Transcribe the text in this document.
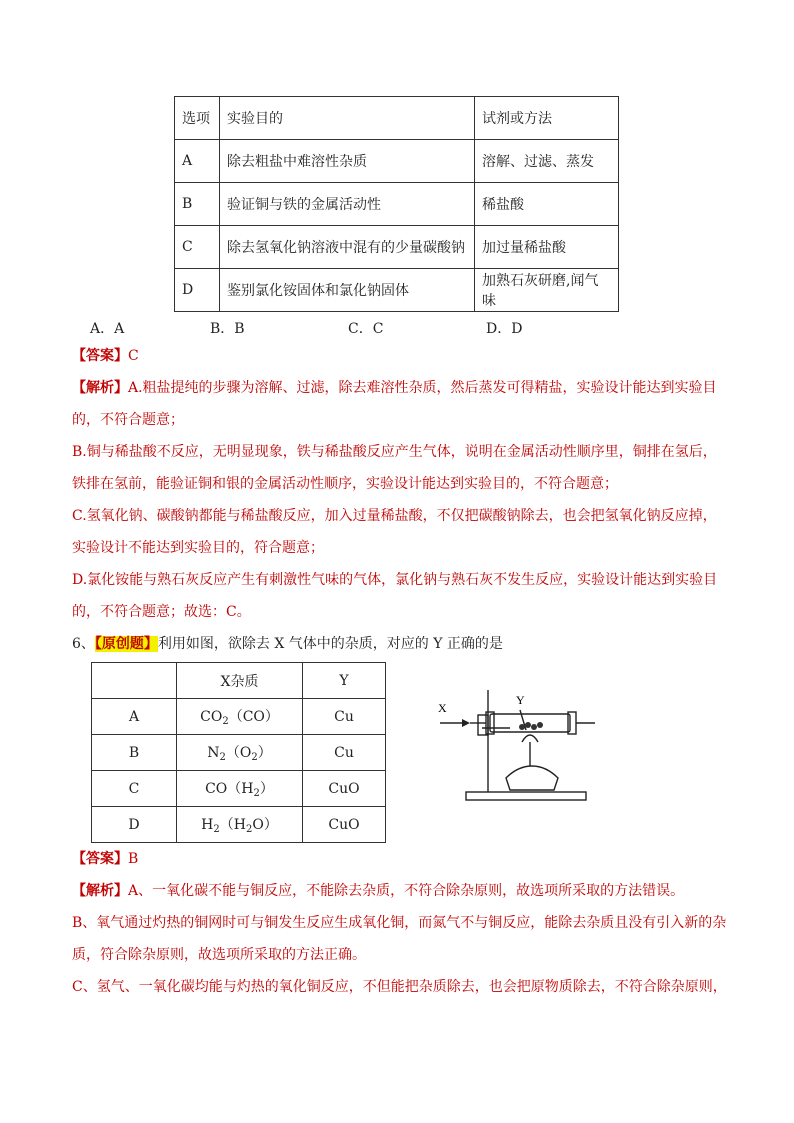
选项	实验目的	试剂或方法
A	除去粗盐中难溶性杂质	溶解、过滤、蒸发
B	验证铜与铁的金属活动性	稀盐酸
C	除去氢氧化钠溶液中混有的少量碳酸钠	加过量稀盐酸
D	鉴别氯化铵固体和氯化钠固体	加熟石灰研磨,闻气味
A．A	B．B	C．C	D．D
【答案】C
【解析】A.粗盐提纯的步骤为溶解、过滤，除去难溶性杂质，然后蒸发可得精盐，实验设计能达到实验目
的，不符合题意；
B.铜与稀盐酸不反应，无明显现象，铁与稀盐酸反应产生气体，说明在金属活动性顺序里，铜排在氢后，
铁排在氢前，能验证铜和银的金属活动性顺序，实验设计能达到实验目的，不符合题意；
C.氢氧化钠、碳酸钠都能与稀盐酸反应，加入过量稀盐酸，不仅把碳酸钠除去，也会把氢氧化钠反应掉，
实验设计不能达到实验目的，符合题意；
D.氯化铵能与熟石灰反应产生有刺激性气味的气体，氯化钠与熟石灰不发生反应，实验设计能达到实验目
的，不符合题意；故选：C。
6、【原创题】利用如图，欲除去 X 气体中的杂质，对应的 Y 正确的是
	X杂质	Y
A	$CO_2(CO)$	Cu
B	$N_2(O_2)$	Cu
C	$CO(H_2)$	CuO
D	$H_2(H_2O)$	CuO
X
Y
【答案】B
【解析】A、一氧化碳不能与铜反应，不能除去杂质，不符合除杂原则，故选项所采取的方法错误。
B、氧气通过灼热的铜网时可与铜发生反应生成氧化铜，而氮气不与铜反应，能除去杂质且没有引入新的杂
质，符合除杂原则，故选项所采取的方法正确。
C、氢气、一氧化碳均能与灼热的氧化铜反应，不但能把杂质除去，也会把原物质除去，不符合除杂原则，
